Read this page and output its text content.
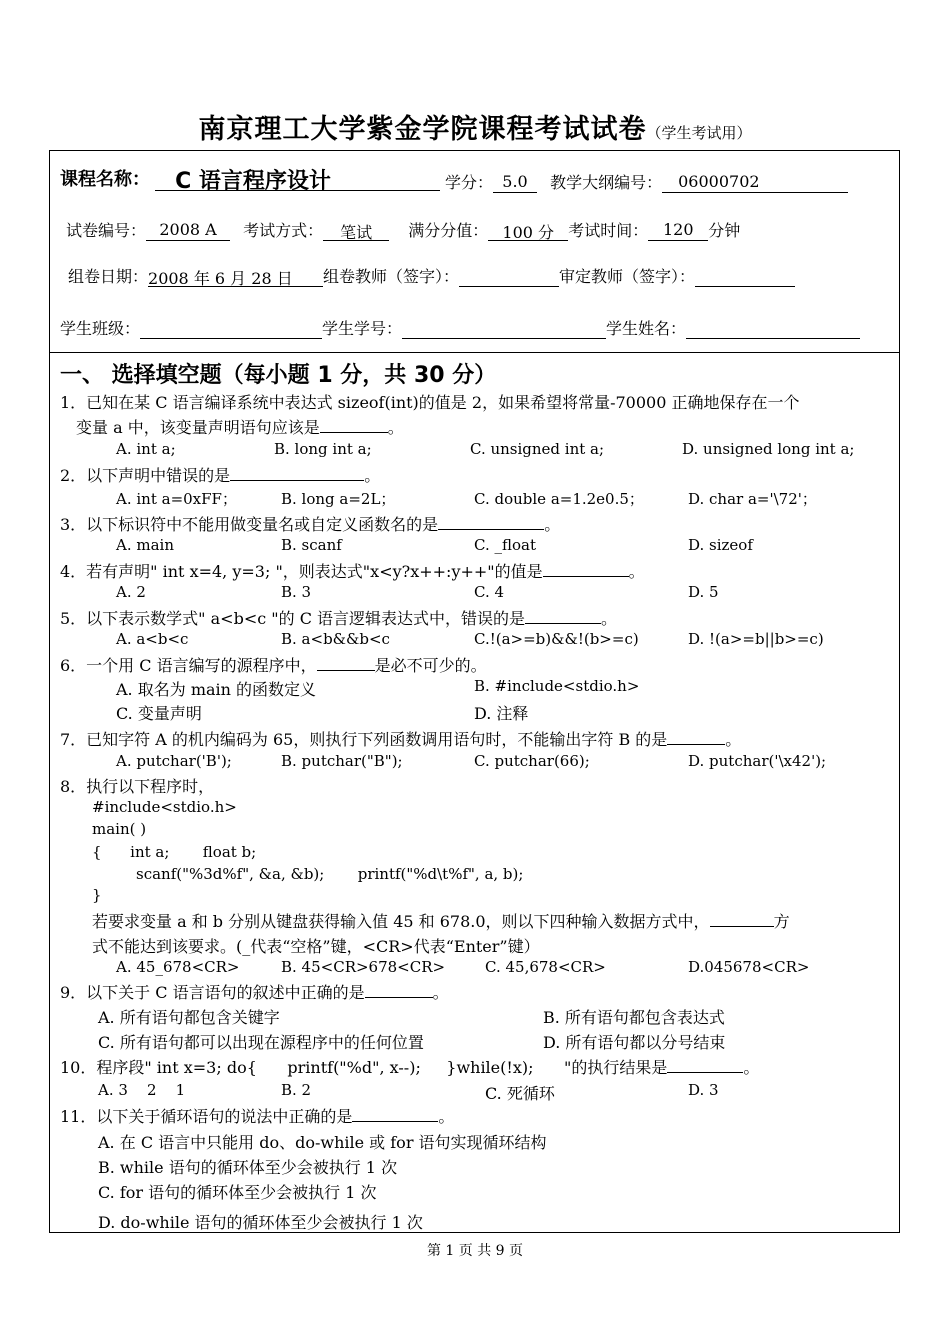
南京理工大学紫金学院课程考试试卷（学生考试用）
课程名称： C 语言程序设计	学分： 5.0 教学大纲编号： 06000702
试卷编号： 2008 A 考试方式： 笔试 满分分值： 100 分 考试时间： 120 分钟
组卷日期：2008 年 6 月 28 日 组卷教师（签字）：	审定教师（签字）：
学生班级：	学生学号：	学生姓名：
一、 选择填空题（每小题 1 分，共 30 分）
1．已知在某 C 语言编译系统中表达式 sizeof(int)的值是 2，如果希望将常量-70000 正确地保存在一个
变量 a 中，该变量声明语句应该是	。
A. int a;	B. long int a;	C. unsigned int a;	D. unsigned long int a;
2．以下声明中错误的是	。
A. int a=0xFF；	B. long a=2L；	C. double a=1.2e0.5；	D. char a='\72'；
3．以下标识符中不能用做变量名或自定义函数名的是	。
A. main	B. scanf	C. _float	D. sizeof
4．若有声明" int x=4, y=3; "，则表达式"x<y?x++:y++"的值是	。
A. 2	B. 3	C. 4	D. 5
5．以下表示数学式" a<b<c "的 C 语言逻辑表达式中，错误的是	。
A. a<b<c	B. a<b&&b<c	C.!(a>=b)&&!(b>=c)	D. !(a>=b||b>=c)
6．一个用 C 语言编写的源程序中，	是必不可少的。
A. 取名为 main 的函数定义	B. #include<stdio.h>
C. 变量声明	D. 注释
7．已知字符 A 的机内编码为 65，则执行下列函数调用语句时，不能输出字符 B 的是	。
A. putchar('B');	B. putchar("B");	C. putchar(66);	D. putchar('\x42');
8．执行以下程序时，
#include<stdio.h>
main( )
{      int a;       float b;
scanf("%3d%f", &a, &b);       printf("%d\t%f", a, b);
}
若要求变量 a 和 b 分别从键盘获得输入值 45 和 678.0，则以下四种输入数据方式中，	方
式不能达到该要求。(_代表“空格”键，<CR>代表“Enter”键）
A. 45_678<CR>	B. 45<CR>678<CR>	C. 45,678<CR>	D.045678<CR>
9．以下关于 C 语言语句的叙述中正确的是	。
A. 所有语句都包含关键字	B. 所有语句都包含表达式
C. 所有语句都可以出现在源程序中的任何位置	D. 所有语句都以分号结束
10．程序段" int x=3; do{      printf("%d", x--);     }while(!x);      "的执行结果是	。
A. 3    2    1	B. 2	C. 死循环	D. 3
11．以下关于循环语句的说法中正确的是	。
A. 在 C 语言中只能用 do、do-while 或 for 语句实现循环结构
B. while 语句的循环体至少会被执行 1 次
C. for 语句的循环体至少会被执行 1 次
D. do-while 语句的循环体至少会被执行 1 次
第 1 页 共 9 页
